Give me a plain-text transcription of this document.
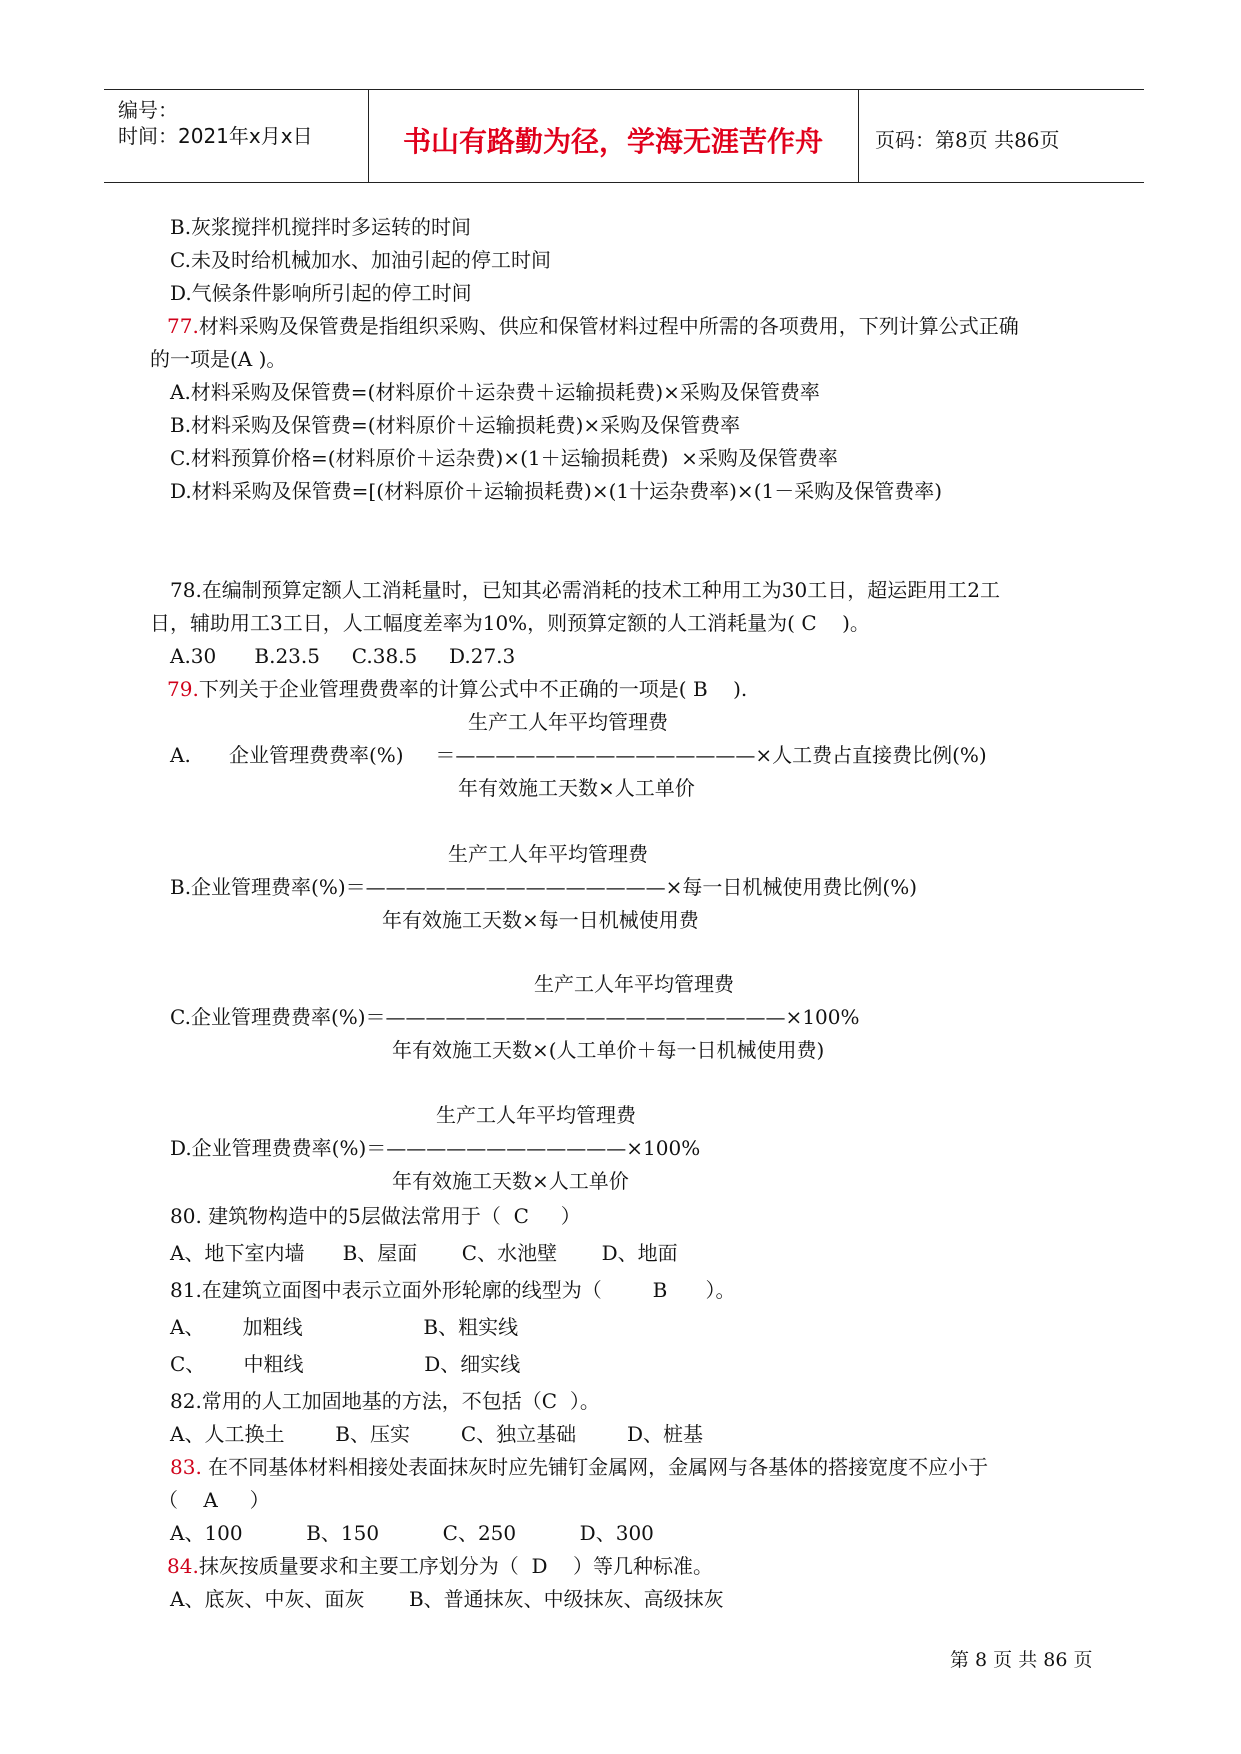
编号：
时间：2021年x月x日	书山有路勤为径，学海无涯苦作舟	页码：第8页 共86页
B.灰浆搅拌机搅拌时多运转的时间
C.未及时给机械加水、加油引起的停工时间
D.气候条件影响所引起的停工时间
77.材料采购及保管费是指组织采购、供应和保管材料过程中所需的各项费用，下列计算公式正确
的一项是(A )。
A.材料采购及保管费=(材料原价＋运杂费＋运输损耗费)×采购及保管费率
B.材料采购及保管费=(材料原价＋运输损耗费)×采购及保管费率
C.材料预算价格=(材料原价＋运杂费)×(1＋运输损耗费)  ×采购及保管费率
D.材料采购及保管费=[(材料原价＋运输损耗费)×(1十运杂费率)×(1－采购及保管费率)
78.在编制预算定额人工消耗量时，已知其必需消耗的技术工种用工为30工日，超运距用工2工
日，辅助用工3工日，人工幅度差率为10%，则预算定额的人工消耗量为( C    )。
A.30      B.23.5     C.38.5     D.27.3
79.下列关于企业管理费费率的计算公式中不正确的一项是( B    ).
生产工人年平均管理费
A.      企业管理费费率(%)     ＝———————————————×人工费占直接费比例(%)
年有效施工天数×人工单价
生产工人年平均管理费
B.企业管理费率(%)＝———————————————×每一日机械使用费比例(%)
年有效施工天数×每一日机械使用费
生产工人年平均管理费
C.企业管理费费率(%)＝————————————————————×100%
年有效施工天数×(人工单价＋每一日机械使用费)
生产工人年平均管理费
D.企业管理费费率(%)＝————————————×100%
年有效施工天数×人工单价
80. 建筑物构造中的5层做法常用于（  C     ）
A、地下室内墙      B、屋面       C、水池壁       D、地面
81.在建筑立面图中表示立面外形轮廓的线型为（        B      ）。
A、      加粗线                   B、粗实线
C、      中粗线                   D、细实线
82.常用的人工加固地基的方法，不包括（C  ）。
A、人工换土        B、压实        C、独立基础        D、桩基
83. 在不同基体材料相接处表面抹灰时应先铺钉金属网，金属网与各基体的搭接宽度不应小于
（    A     ）
A、100          B、150          C、250          D、300
84.抹灰按质量要求和主要工序划分为（  D    ）等几种标准。
A、底灰、中灰、面灰       B、普通抹灰、中级抹灰、高级抹灰
第 8 页 共 86 页
